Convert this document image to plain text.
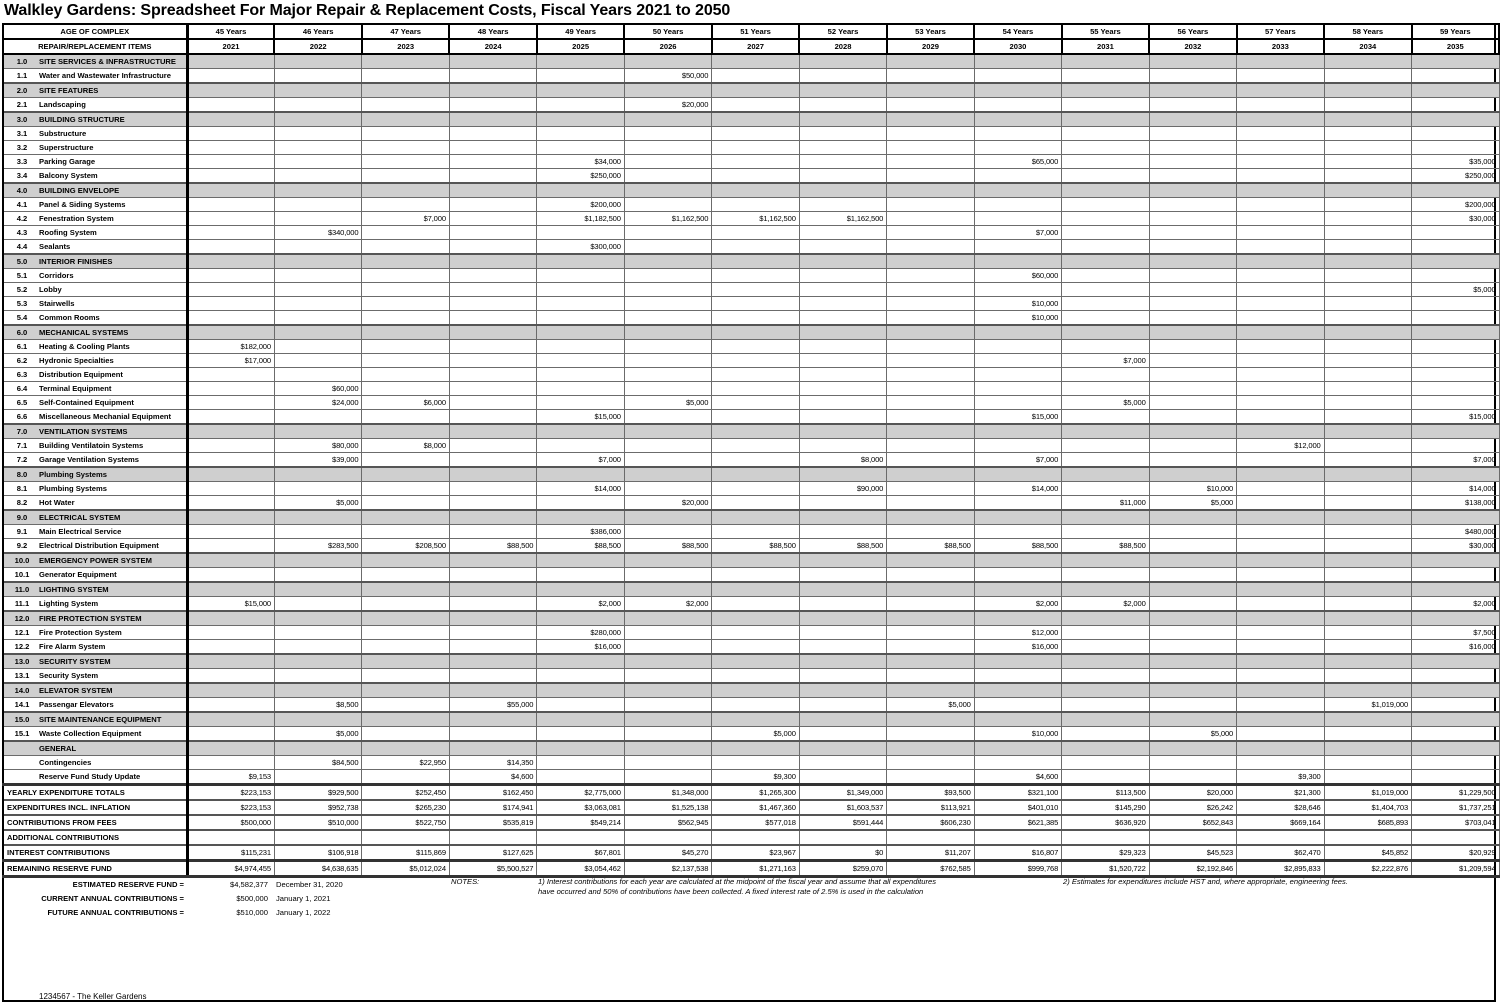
Walkley Gardens: Spreadsheet For Major Repair & Replacement Costs, Fiscal Years 2021 to 2050
AGE OF COMPLEX	45 Years	46 Years	47 Years	48 Years	49 Years	50 Years	51 Years	52 Years	53 Years	54 Years	55 Years	56 Years	57 Years	58 Years	59 Years
REPAIR/REPLACEMENT ITEMS	2021	2022	2023	2024	2025	2026	2027	2028	2029	2030	2031	2032	2033	2034	2035
1.0 SITE SERVICES & INFRASTRUCTURE															
1.1 Water and Wastewater Infrastructure						$50,000									
2.0 SITE FEATURES															
2.1 Landscaping						$20,000									
3.0 BUILDING STRUCTURE															
3.1 Substructure															
3.2 Superstructure															
3.3 Parking Garage					$34,000					$65,000					$35,000
3.4 Balcony System					$250,000										$250,000
4.0 BUILDING ENVELOPE															
4.1 Panel & Siding Systems					$200,000										$200,000
4.2 Fenestration System			$7,000		$1,182,500	$1,162,500	$1,162,500	$1,162,500							$30,000
4.3 Roofing System		$340,000								$7,000					
4.4 Sealants					$300,000										
5.0 INTERIOR FINISHES															
5.1 Corridors										$60,000					
5.2 Lobby															$5,000
5.3 Stairwells										$10,000					
5.4 Common Rooms										$10,000					
6.0 MECHANICAL SYSTEMS															
6.1 Heating & Cooling Plants	$182,000														
6.2 Hydronic Specialties	$17,000										$7,000				
6.3 Distribution Equipment															
6.4 Terminal Equipment		$60,000													
6.5 Self-Contained Equipment		$24,000	$6,000			$5,000					$5,000				
6.6 Miscellaneous Mechanial Equipment					$15,000					$15,000					$15,000
7.0 VENTILATION SYSTEMS															
7.1 Building Ventilatoin Systems		$80,000	$8,000										$12,000		
7.2 Garage Ventilation Systems		$39,000			$7,000			$8,000		$7,000					$7,000
8.0 Plumbing Systems															
8.1 Plumbing Systems					$14,000			$90,000		$14,000		$10,000			$14,000
8.2 Hot Water		$5,000				$20,000					$11,000	$5,000			$138,000
9.0 ELECTRICAL SYSTEM															
9.1 Main Electrical Service					$386,000										$480,000
9.2 Electrical Distribution Equipment		$283,500	$208,500	$88,500	$88,500	$88,500	$88,500	$88,500	$88,500	$88,500	$88,500				$30,000
10.0 EMERGENCY POWER SYSTEM															
10.1 Generator Equipment															
11.0 LIGHTING SYSTEM															
11.1 Lighting System	$15,000				$2,000	$2,000				$2,000	$2,000				$2,000
12.0 FIRE PROTECTION SYSTEM															
12.1 Fire Protection System					$280,000					$12,000					$7,500
12.2 Fire Alarm System					$16,000					$16,000					$16,000
13.0 SECURITY SYSTEM															
13.1 Security System															
14.0 ELEVATOR SYSTEM															
14.1 Passengar Elevators		$8,500		$55,000					$5,000					$1,019,000	
15.0 SITE MAINTENANCE EQUIPMENT															
15.1 Waste Collection Equipment		$5,000					$5,000			$10,000		$5,000			
GENERAL															
Contingencies		$84,500	$22,950	$14,350											
Reserve Fund Study Update	$9,153			$4,600			$9,300			$4,600			$9,300		
YEARLY EXPENDITURE TOTALS	$223,153	$929,500	$252,450	$162,450	$2,775,000	$1,348,000	$1,265,300	$1,349,000	$93,500	$321,100	$113,500	$20,000	$21,300	$1,019,000	$1,229,500
EXPENDITURES INCL. INFLATION	$223,153	$952,738	$265,230	$174,941	$3,063,081	$1,525,138	$1,467,360	$1,603,537	$113,921	$401,010	$145,290	$26,242	$28,646	$1,404,703	$1,737,251
CONTRIBUTIONS FROM FEES	$500,000	$510,000	$522,750	$535,819	$549,214	$562,945	$577,018	$591,444	$606,230	$621,385	$636,920	$652,843	$669,164	$685,893	$703,041
ADDITIONAL CONTRIBUTIONS															
INTEREST CONTRIBUTIONS	$115,231	$106,918	$115,869	$127,625	$67,801	$45,270	$23,967	$0	$11,207	$16,807	$29,323	$45,523	$62,470	$45,852	$20,929
REMAINING RESERVE FUND	$4,974,455	$4,638,635	$5,012,024	$5,500,527	$3,054,462	$2,137,538	$1,271,163	$259,070	$762,585	$999,768	$1,520,722	$2,192,846	$2,895,833	$2,222,876	$1,209,594
ESTIMATED RESERVE FUND =	$4,582,377 December 31, 2020
CURRENT ANNUAL CONTRIBUTIONS =	$500,000 January 1, 2021
FUTURE ANNUAL CONTRIBUTIONS =	$510,000 January 1, 2022
NOTES:	1) Interest contributions for each year are calculated at the midpoint of the fiscal year and assume that all expenditures
have occurred and 50% of contributions have been collected. A fixed interest rate of 2.5% is used in the calculation
2) Estimates for expenditures include HST and, where appropriate, engineering fees.
1234567 - The Keller Gardens
